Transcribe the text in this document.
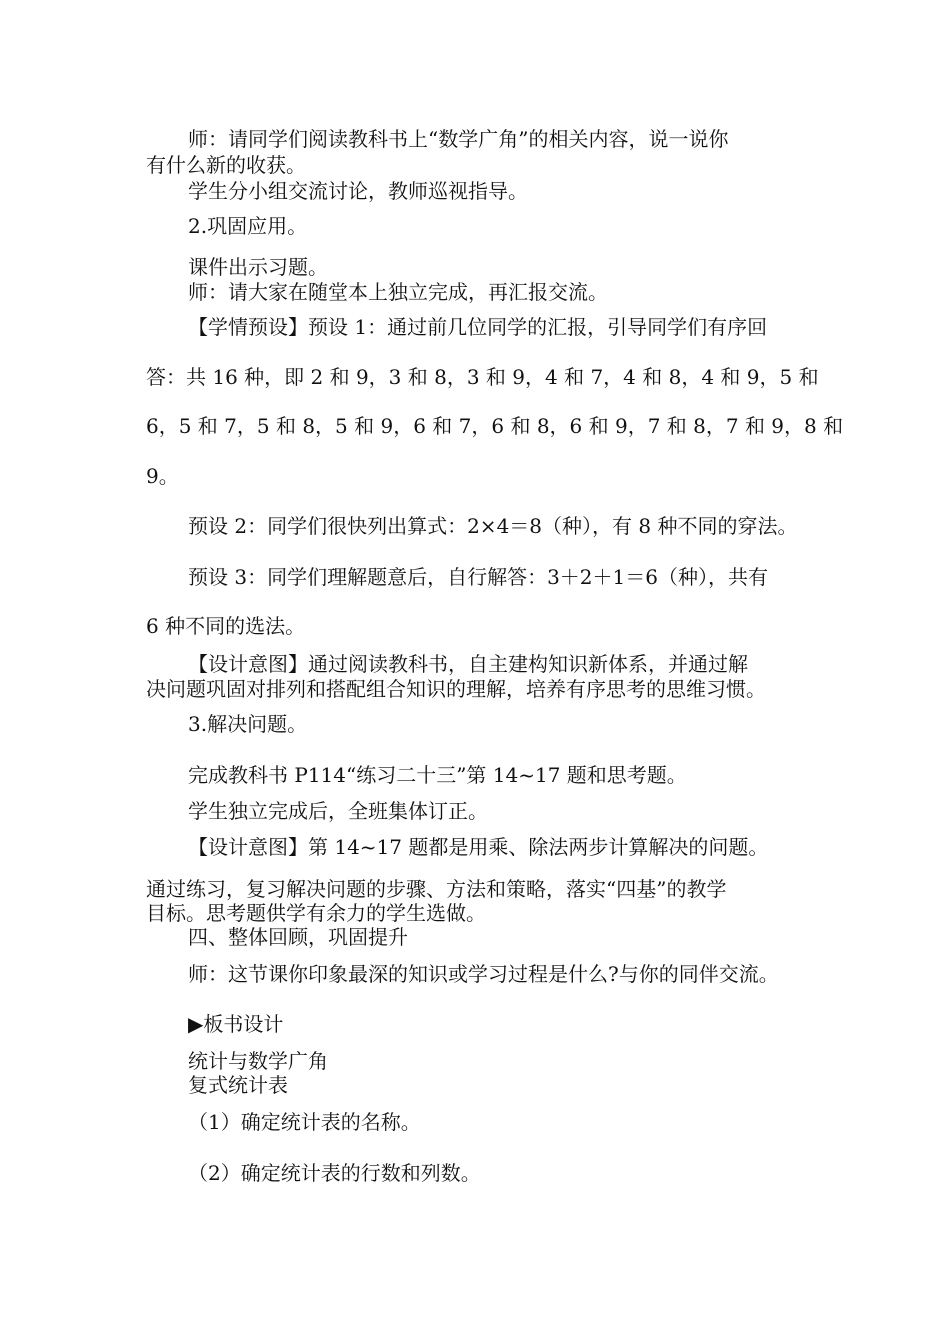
师：请同学们阅读教科书上“数学广角”的相关内容，说一说你

有什么新的收获。

学生分小组交流讨论，教师巡视指导。

2.巩固应用。

课件出示习题。

师：请大家在随堂本上独立完成，再汇报交流。

【学情预设】预设 1：通过前几位同学的汇报，引导同学们有序回

答：共 16 种，即 2 和 9，3 和 8，3 和 9，4 和 7，4 和 8，4 和 9，5 和

6，5 和 7，5 和 8，5 和 9，6 和 7，6 和 8，6 和 9，7 和 8，7 和 9，8 和

9。

预设 2：同学们很快列出算式：2×4＝8（种），有 8 种不同的穿法。

预设 3：同学们理解题意后，自行解答：3＋2＋1＝6（种），共有

6 种不同的选法。

【设计意图】通过阅读教科书，自主建构知识新体系，并通过解

决问题巩固对排列和搭配组合知识的理解，培养有序思考的思维习惯。

3.解决问题。

完成教科书 P114“练习二十三”第 14~17 题和思考题。

学生独立完成后，全班集体订正。

【设计意图】第 14~17 题都是用乘、除法两步计算解决的问题。

通过练习，复习解决问题的步骤、方法和策略，落实“四基”的教学

目标。思考题供学有余力的学生选做。

四、整体回顾，巩固提升

师：这节课你印象最深的知识或学习过程是什么?与你的同伴交流。

▶板书设计

统计与数学广角

复式统计表

（1）确定统计表的名称。

（2）确定统计表的行数和列数。
